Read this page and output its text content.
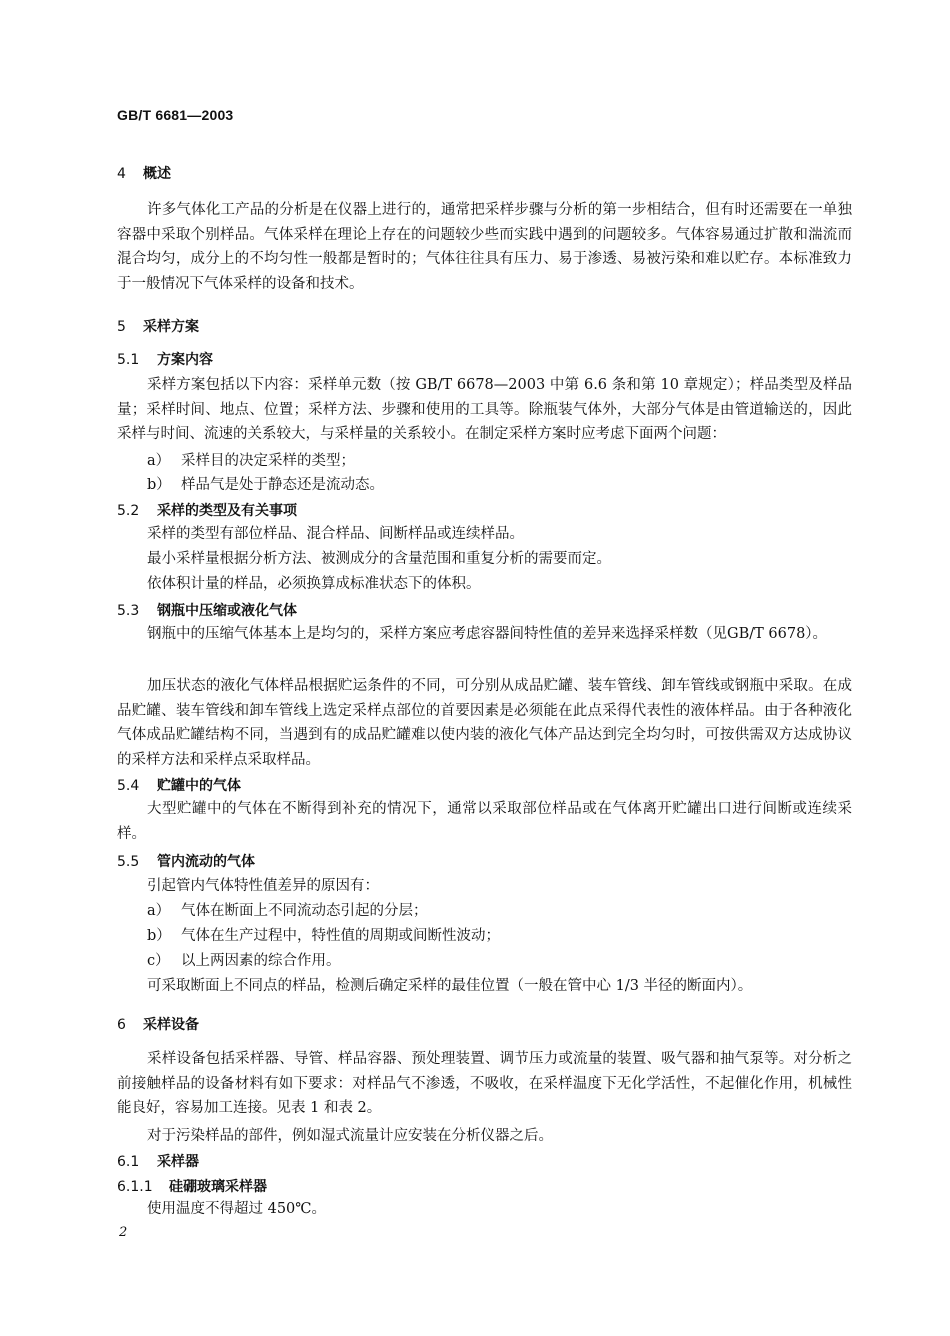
GB/T 6681—2003
4 概述
许多气体化工产品的分析是在仪器上进行的，通常把采样步骤与分析的第一步相结合，但有时还需要在一单独容器中采取个别样品。气体采样在理论上存在的问题较少些而实践中遇到的问题较多。气体容易通过扩散和湍流而混合均匀，成分上的不均匀性一般都是暂时的；气体往往具有压力、易于渗透、易被污染和难以贮存。本标准致力于一般情况下气体采样的设备和技术。
5 采样方案
5.1 方案内容
采样方案包括以下内容：采样单元数（按 GB/T 6678—2003 中第 6.6 条和第 10 章规定）；样品类型及样品量；采样时间、地点、位置；采样方法、步骤和使用的工具等。除瓶装气体外，大部分气体是由管道输送的，因此采样与时间、流速的关系较大，与采样量的关系较小。在制定采样方案时应考虑下面两个问题：
a） 采样目的决定采样的类型；
b） 样品气是处于静态还是流动态。
5.2 采样的类型及有关事项
采样的类型有部位样品、混合样品、间断样品或连续样品。
最小采样量根据分析方法、被测成分的含量范围和重复分析的需要而定。
依体积计量的样品，必须换算成标准状态下的体积。
5.3 钢瓶中压缩或液化气体
钢瓶中的压缩气体基本上是均匀的，采样方案应考虑容器间特性值的差异来选择采样数（见GB/T 6678）。
加压状态的液化气体样品根据贮运条件的不同，可分别从成品贮罐、装车管线、卸车管线或钢瓶中采取。在成品贮罐、装车管线和卸车管线上选定采样点部位的首要因素是必须能在此点采得代表性的液体样品。由于各种液化气体成品贮罐结构不同，当遇到有的成品贮罐难以使内装的液化气体产品达到完全均匀时，可按供需双方达成协议的采样方法和采样点采取样品。
5.4 贮罐中的气体
大型贮罐中的气体在不断得到补充的情况下，通常以采取部位样品或在气体离开贮罐出口进行间断或连续采样。
5.5 管内流动的气体
引起管内气体特性值差异的原因有：
a） 气体在断面上不同流动态引起的分层；
b） 气体在生产过程中，特性值的周期或间断性波动；
c） 以上两因素的综合作用。
可采取断面上不同点的样品，检测后确定采样的最佳位置（一般在管中心 1/3 半径的断面内）。
6 采样设备
采样设备包括采样器、导管、样品容器、预处理装置、调节压力或流量的装置、吸气器和抽气泵等。对分析之前接触样品的设备材料有如下要求：对样品气不渗透，不吸收，在采样温度下无化学活性，不起催化作用，机械性能良好，容易加工连接。见表 1 和表 2。
对于污染样品的部件，例如湿式流量计应安装在分析仪器之后。
6.1 采样器
6.1.1 硅硼玻璃采样器
使用温度不得超过 450℃。
2
